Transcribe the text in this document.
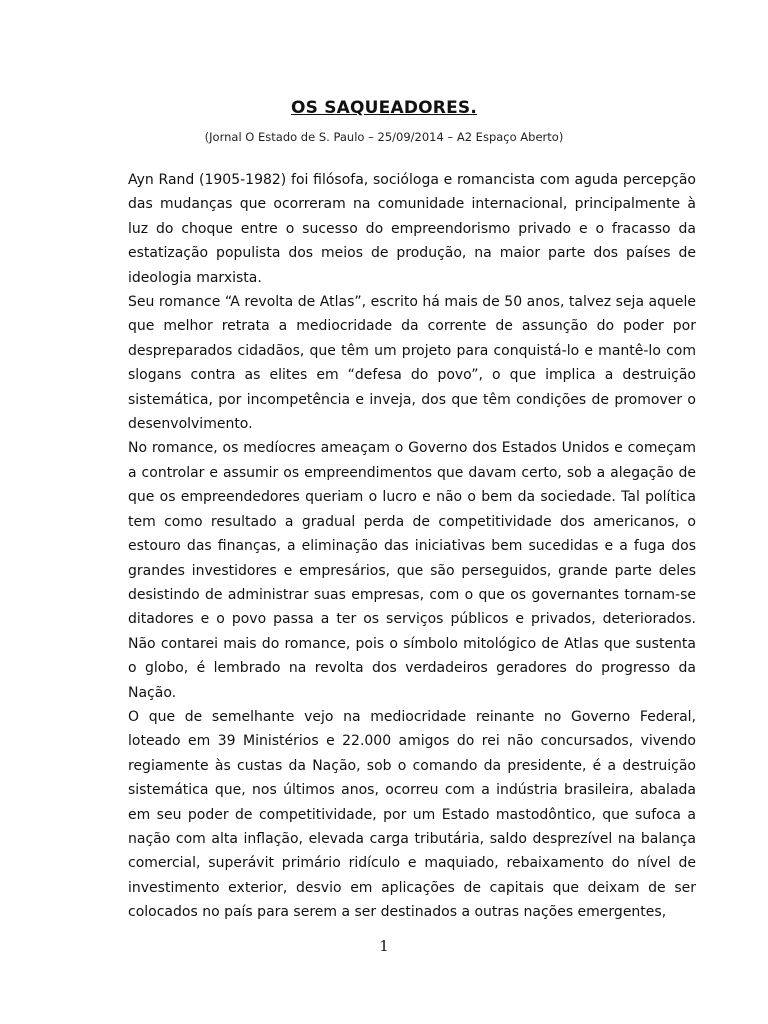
OS SAQUEADORES.
(Jornal O Estado de S. Paulo – 25/09/2014 – A2 Espaço Aberto)

Ayn Rand (1905-1982) foi filósofa, socióloga e romancista com aguda percepção das mudanças que ocorreram na comunidade internacional, principalmente à luz do choque entre o sucesso do empreendorismo privado e o fracasso da estatização populista dos meios de produção, na maior parte dos países de ideologia marxista.

Seu romance “A revolta de Atlas”, escrito há mais de 50 anos, talvez seja aquele que melhor retrata a mediocridade da corrente de assunção do poder por despreparados cidadãos, que têm um projeto para conquistá-lo e mantê-lo com slogans contra as elites em “defesa do povo”, o que implica a destruição sistemática, por incompetência e inveja, dos que têm condições de promover o desenvolvimento.

No romance, os medíocres ameaçam o Governo dos Estados Unidos e começam a controlar e assumir os empreendimentos que davam certo, sob a alegação de que os empreendedores queriam o lucro e não o bem da sociedade. Tal política tem como resultado a gradual perda de competitividade dos americanos, o estouro das finanças, a eliminação das iniciativas bem sucedidas e a fuga dos grandes investidores e empresários, que são perseguidos, grande parte deles desistindo de administrar suas empresas, com o que os governantes tornam-se ditadores e o povo passa a ter os serviços públicos e privados, deteriorados. Não contarei mais do romance, pois o símbolo mitológico de Atlas que sustenta o globo, é lembrado na revolta dos verdadeiros geradores do progresso da Nação.

O que de semelhante vejo na mediocridade reinante no Governo Federal, loteado em 39 Ministérios e 22.000 amigos do rei não concursados, vivendo regiamente às custas da Nação, sob o comando da presidente, é a destruição sistemática que, nos últimos anos, ocorreu com a indústria brasileira, abalada em seu poder de competitividade, por um Estado mastodôntico, que sufoca a nação com alta inflação, elevada carga tributária, saldo desprezível na balança comercial, superávit primário ridículo e maquiado, rebaixamento do nível de investimento exterior, desvio em aplicações de capitais que deixam de ser colocados no país para serem a ser destinados a outras nações emergentes,

1
